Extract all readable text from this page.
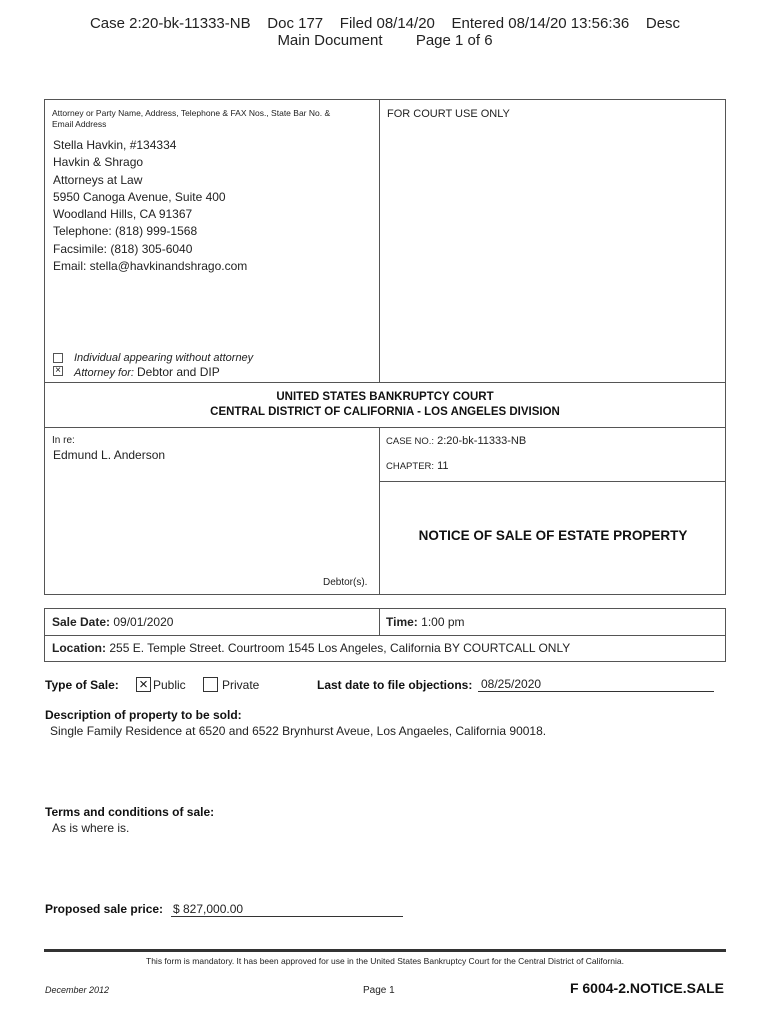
Case 2:20-bk-11333-NB    Doc 177    Filed 08/14/20    Entered 08/14/20 13:56:36    Desc
Main Document        Page 1 of 6
Attorney or Party Name, Address, Telephone & FAX Nos., State Bar No. &
Email Address
Stella Havkin, #134334
Havkin & Shrago
Attorneys at Law
5950 Canoga Avenue, Suite 400
Woodland Hills, CA 91367
Telephone: (818) 999-1568
Facsimile: (818) 305-6040
Email: stella@havkinandshrago.com
Individual appearing without attorney
× Attorney for: Debtor and DIP
FOR COURT USE ONLY
UNITED STATES BANKRUPTCY COURT
CENTRAL DISTRICT OF CALIFORNIA - LOS ANGELES DIVISION
In re:
Edmund L. Anderson
Debtor(s).
CASE NO.: 2:20-bk-11333-NB
CHAPTER: 11
NOTICE OF SALE OF ESTATE PROPERTY
Sale Date: 09/01/2020	Time: 1:00 pm
Location: 255 E. Temple Street. Courtroom 1545 Los Angeles, California BY COURTCALL ONLY
Type of Sale: × Public	Private	Last date to file objections: 08/25/2020
Description of property to be sold:
Single Family Residence at 6520 and 6522 Brynhurst Aveue, Los Angaeles, California 90018.
Terms and conditions of sale:
As is where is.
Proposed sale price: $ 827,000.00
This form is mandatory. It has been approved for use in the United States Bankruptcy Court for the Central District of California.
December 2012	Page 1	F 6004-2.NOTICE.SALE
